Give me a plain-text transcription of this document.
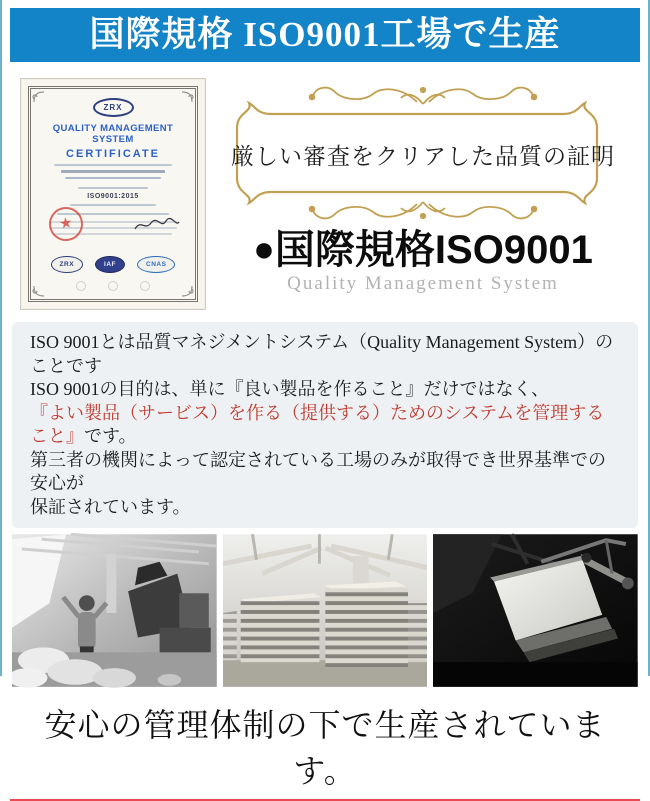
国際規格 ISO9001工場で生産
ZRX
QUALITY MANAGEMENT SYSTEM
CERTIFICATE
ISO9001:2015
★
ZRX	IAF	CNAS
厳しい審査をクリアした品質の証明
●国際規格ISO9001
Quality Management System
ISO 9001とは品質マネジメントシステム（Quality Management System）のことです
ISO 9001の目的は、単に『良い製品を作ること』だけではなく、
『よい製品（サービス）を作る（提供する）ためのシステムを管理すること』です。
第三者の機関によって認定されている工場のみが取得でき世界基準での安心が
保証されています。
安心の管理体制の下で生産されています。
